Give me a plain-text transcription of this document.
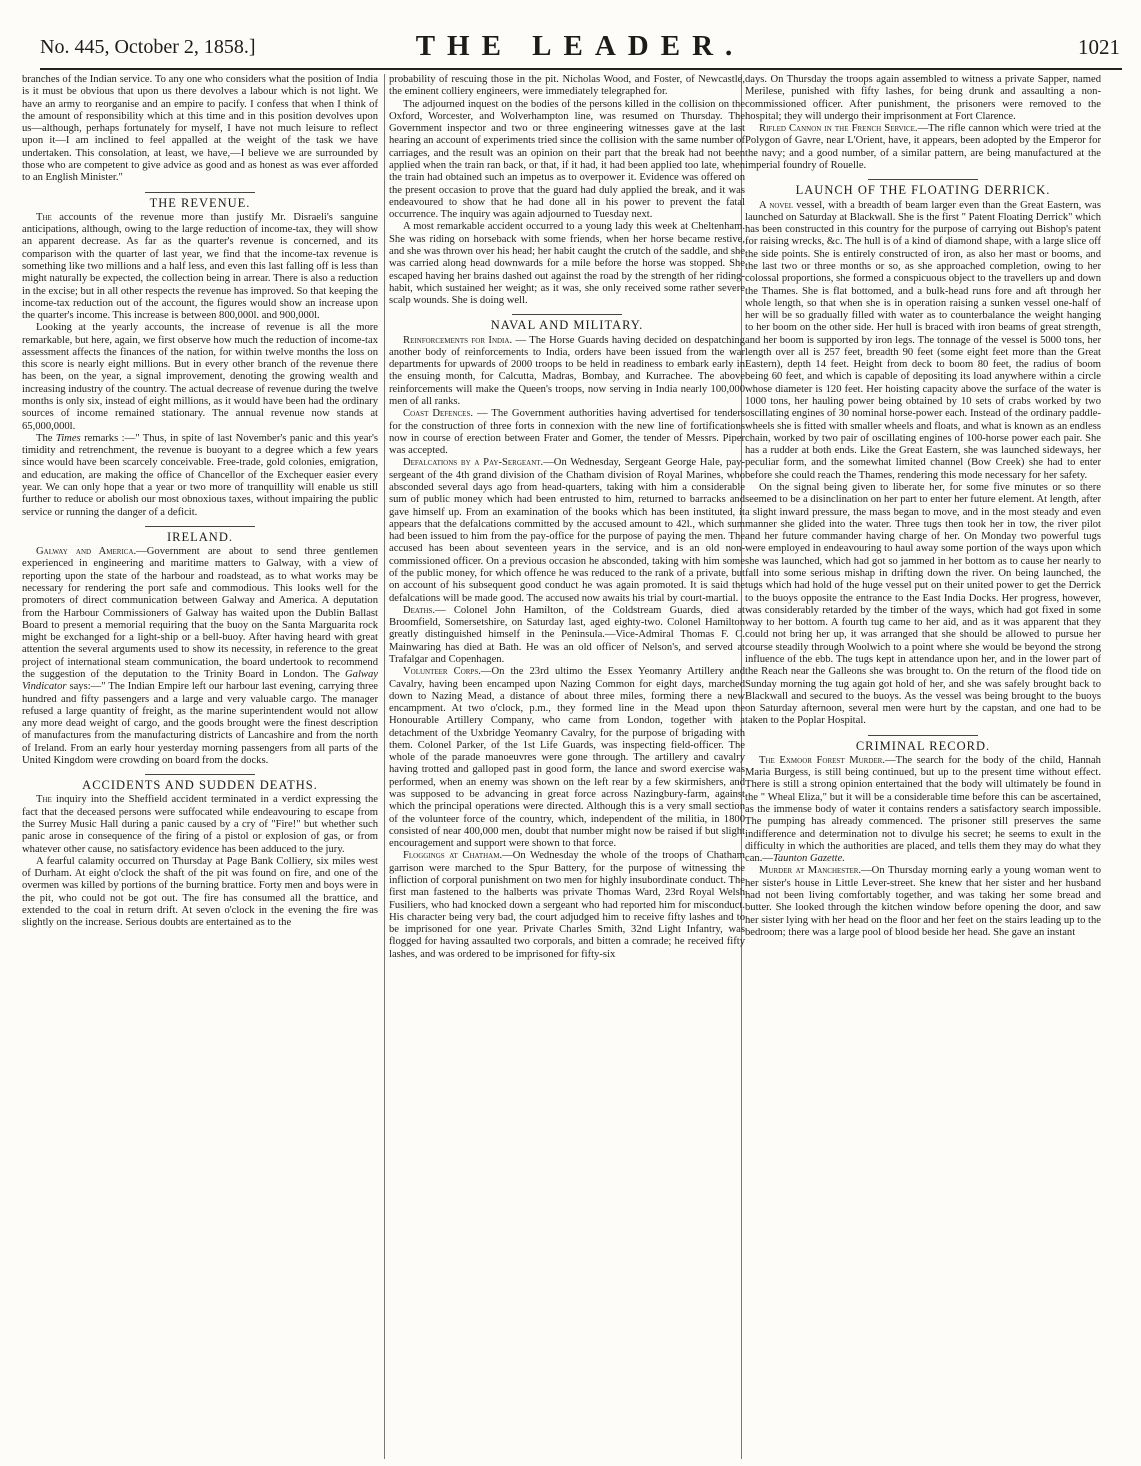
No. 445, October 2, 1858.]	THE LEADER.	1021

branches of the Indian service. To any one who considers what the position of India is it must be obvious that upon us there devolves a labour which is not light. We have an army to reorganise and an empire to pacify. I confess that when I think of the amount of responsibility which at this time and in this position devolves upon us—although, perhaps fortunately for myself, I have not much leisure to reflect upon it—I am inclined to feel appalled at the weight of the task we have undertaken. This consolation, at least, we have,—I believe we are surrounded by those who are competent to give advice as good and as honest as was ever afforded to an English Minister."

THE REVENUE.

The accounts of the revenue more than justify Mr. Disraeli's sanguine anticipations, although, owing to the large reduction of income-tax, they will show an apparent decrease. As far as the quarter's revenue is concerned, and its comparison with the quarter of last year, we find that the income-tax revenue is something like two millions and a half less, and even this last falling off is less than might naturally be expected, the collection being in arrear. There is also a reduction in the excise; but in all other respects the revenue has improved. So that keeping the income-tax reduction out of the account, the figures would show an increase upon the quarter's income. This increase is between 800,000l. and 900,000l.

Looking at the yearly accounts, the increase of revenue is all the more remarkable, but here, again, we first observe how much the reduction of income-tax assessment affects the finances of the nation, for within twelve months the loss on this score is nearly eight millions. But in every other branch of the revenue there has been, on the year, a signal improvement, denoting the growing wealth and increasing industry of the country. The actual decrease of revenue during the twelve months is only six, instead of eight millions, as it would have been had the ordinary sources of income remained stationary. The annual revenue now stands at 65,000,000l.

The Times remarks :—" Thus, in spite of last November's panic and this year's timidity and retrenchment, the revenue is buoyant to a degree which a few years since would have been scarcely conceivable. Free-trade, gold colonies, emigration, and education, are making the office of Chancellor of the Exchequer easier every year. We can only hope that a year or two more of tranquillity will enable us still further to reduce or abolish our most obnoxious taxes, without impairing the public service or running the danger of a deficit.

IRELAND.

Galway and America.—Government are about to send three gentlemen experienced in engineering and maritime matters to Galway, with a view of reporting upon the state of the harbour and roadstead, as to what works may be necessary for rendering the port safe and commodious. This looks well for the promoters of direct communication between Galway and America. A deputation from the Harbour Commissioners of Galway has waited upon the Dublin Ballast Board to present a memorial requiring that the buoy on the Santa Marguarita rock might be exchanged for a light-ship or a bell-buoy. After having heard with great attention the several arguments used to show its necessity, in reference to the great project of international steam communication, the board undertook to recommend the suggestion of the deputation to the Trinity Board in London. The Galway Vindicator says:—" The Indian Empire left our harbour last evening, carrying three hundred and fifty passengers and a large and very valuable cargo. The manager refused a large quantity of freight, as the marine superintendent would not allow any more dead weight of cargo, and the goods brought were the finest description of manufactures from the manufacturing districts of Lancashire and from the north of Ireland. From an early hour yesterday morning passengers from all parts of the United Kingdom were crowding on board from the docks.

ACCIDENTS AND SUDDEN DEATHS.

The inquiry into the Sheffield accident terminated in a verdict expressing the fact that the deceased persons were suffocated while endeavouring to escape from the Surrey Music Hall during a panic caused by a cry of "Fire!" but whether such panic arose in consequence of the firing of a pistol or explosion of gas, or from whatever other cause, no satisfactory evidence has been adduced to the jury.

A fearful calamity occurred on Thursday at Page Bank Colliery, six miles west of Durham. At eight o'clock the shaft of the pit was found on fire, and one of the overmen was killed by portions of the burning brattice. Forty men and boys were in the pit, who could not be got out. The fire has consumed all the brattice, and extended to the coal in return drift. At seven o'clock in the evening the fire was slightly on the increase. Serious doubts are entertained as to the

probability of rescuing those in the pit. Nicholas Wood, and Foster, of Newcastle, the eminent colliery engineers, were immediately telegraphed for.

The adjourned inquest on the bodies of the persons killed in the collision on the Oxford, Worcester, and Wolverhampton line, was resumed on Thursday. The Government inspector and two or three engineering witnesses gave at the last hearing an account of experiments tried since the collision with the same number of carriages, and the result was an opinion on their part that the break had not been applied when the train ran back, or that, if it had, it had been applied too late, when the train had obtained such an impetus as to overpower it. Evidence was offered on the present occasion to prove that the guard had duly applied the break, and it was endeavoured to show that he had done all in his power to prevent the fatal occurrence. The inquiry was again adjourned to Tuesday next.

A most remarkable accident occurred to a young lady this week at Cheltenham. She was riding on horseback with some friends, when her horse became restive, and she was thrown over his head; her habit caught the crutch of the saddle, and she was carried along head downwards for a mile before the horse was stopped. She escaped having her brains dashed out against the road by the strength of her riding-habit, which sustained her weight; as it was, she only received some rather severe scalp wounds. She is doing well.

NAVAL AND MILITARY.

Reinforcements for India. — The Horse Guards having decided on despatching another body of reinforcements to India, orders have been issued from the war departments for upwards of 2000 troops to be held in readiness to embark early in the ensuing month, for Calcutta, Madras, Bombay, and Kurrachee. The above reinforcements will make the Queen's troops, now serving in India nearly 100,000 men of all ranks.

Coast Defences. — The Government authorities having advertised for tenders for the construction of three forts in connexion with the new line of fortifications now in course of erection between Frater and Gomer, the tender of Messrs. Piper was accepted.

Defalcations by a Pay-Sergeant.—On Wednesday, Sergeant George Hale, pay-sergeant of the 4th grand division of the Chatham division of Royal Marines, who absconded several days ago from head-quarters, taking with him a considerable sum of public money which had been entrusted to him, returned to barracks and gave himself up. From an examination of the books which has been instituted, it appears that the defalcations committed by the accused amount to 42l., which sum had been issued to him from the pay-office for the purpose of paying the men. The accused has been about seventeen years in the service, and is an old non-commissioned officer. On a previous occasion he absconded, taking with him some of the public money, for which offence he was reduced to the rank of a private, but on account of his subsequent good conduct he was again promoted. It is said the defalcations will be made good. The accused now awaits his trial by court-martial.

Deaths.— Colonel John Hamilton, of the Coldstream Guards, died at Broomfield, Somersetshire, on Saturday last, aged eighty-two. Colonel Hamilton greatly distinguished himself in the Peninsula.—Vice-Admiral Thomas F. C. Mainwaring has died at Bath. He was an old officer of Nelson's, and served at Trafalgar and Copenhagen.

Volunteer Corps.—On the 23rd ultimo the Essex Yeomanry Artillery and Cavalry, having been encamped upon Nazing Common for eight days, marched down to Nazing Mead, a distance of about three miles, forming there a new encampment. At two o'clock, p.m., they formed line in the Mead upon the Honourable Artillery Company, who came from London, together with a detachment of the Uxbridge Yeomanry Cavalry, for the purpose of brigading with them. Colonel Parker, of the 1st Life Guards, was inspecting field-officer. The whole of the parade manoeuvres were gone through. The artillery and cavalry having trotted and galloped past in good form, the lance and sword exercise was performed, when an enemy was shown on the left rear by a few skirmishers, and was supposed to be advancing in great force across Nazingbury-farm, against which the principal operations were directed. Although this is a very small section of the volunteer force of the country, which, independent of the militia, in 1800 consisted of near 400,000 men, doubt that number might now be raised if but slight encouragement and support were shown to that force.

Floggings at Chatham.—On Wednesday the whole of the troops of Chatham garrison were marched to the Spur Battery, for the purpose of witnessing the infliction of corporal punishment on two men for highly insubordinate conduct. The first man fastened to the halberts was private Thomas Ward, 23rd Royal Welsh Fusiliers, who had knocked down a sergeant who had reported him for misconduct. His character being very bad, the court adjudged him to receive fifty lashes and to be imprisoned for one year. Private Charles Smith, 32nd Light Infantry, was flogged for having assaulted two corporals, and bitten a comrade; he received fifty lashes, and was ordered to be imprisoned for fifty-six

days. On Thursday the troops again assembled to witness a private Sapper, named Merilese, punished with fifty lashes, for being drunk and assaulting a non-commissioned officer. After punishment, the prisoners were removed to the hospital; they will undergo their imprisonment at Fort Clarence.

Rifled Cannon in the French Service.—The rifle cannon which were tried at the Polygon of Gavre, near L'Orient, have, it appears, been adopted by the Emperor for the navy; and a good number, of a similar pattern, are being manufactured at the imperial foundry of Rouelle.

LAUNCH OF THE FLOATING DERRICK.

A novel vessel, with a breadth of beam larger even than the Great Eastern, was launched on Saturday at Blackwall. She is the first " Patent Floating Derrick" which has been constructed in this country for the purpose of carrying out Bishop's patent for raising wrecks, &c. The hull is of a kind of diamond shape, with a large slice off the side points. She is entirely constructed of iron, as also her mast or booms, and the last two or three months or so, as she approached completion, owing to her colossal proportions, she formed a conspicuous object to the travellers up and down the Thames. She is flat bottomed, and a bulk-head runs fore and aft through her whole length, so that when she is in operation raising a sunken vessel one-half of her will be so gradually filled with water as to counterbalance the weight hanging to her boom on the other side. Her hull is braced with iron beams of great strength, and her boom is supported by iron legs. The tonnage of the vessel is 5000 tons, her length over all is 257 feet, breadth 90 feet (some eight feet more than the Great Eastern), depth 14 feet. Height from deck to boom 80 feet, the radius of boom being 60 feet, and which is capable of depositing its load anywhere within a circle whose diameter is 120 feet. Her hoisting capacity above the surface of the water is 1000 tons, her hauling power being obtained by 10 sets of crabs worked by two oscillating engines of 30 nominal horse-power each. Instead of the ordinary paddle-wheels she is fitted with smaller wheels and floats, and what is known as an endless chain, worked by two pair of oscillating engines of 100-horse power each pair. She has a rudder at both ends. Like the Great Eastern, she was launched sideways, her peculiar form, and the somewhat limited channel (Bow Creek) she had to enter before she could reach the Thames, rendering this mode necessary for her safety.

On the signal being given to liberate her, for some five minutes or so there seemed to be a disinclination on her part to enter her future element. At length, after a slight inward pressure, the mass began to move, and in the most steady and even manner she glided into the water. Three tugs then took her in tow, the river pilot and her future commander having charge of her. On Monday two powerful tugs were employed in endeavouring to haul away some portion of the ways upon which she was launched, which had got so jammed in her bottom as to cause her nearly to fall into some serious mishap in drifting down the river. On being launched, the tugs which had hold of the huge vessel put on their united power to get the Derrick to the buoys opposite the entrance to the East India Docks. Her progress, however, was considerably retarded by the timber of the ways, which had got fixed in some way to her bottom. A fourth tug came to her aid, and as it was apparent that they could not bring her up, it was arranged that she should be allowed to pursue her course steadily through Woolwich to a point where she would be beyond the strong influence of the ebb. The tugs kept in attendance upon her, and in the lower part of the Reach near the Galleons she was brought to. On the return of the flood tide on Sunday morning the tug again got hold of her, and she was safely brought back to Blackwall and secured to the buoys. As the vessel was being brought to the buoys on Saturday afternoon, several men were hurt by the capstan, and one had to be taken to the Poplar Hospital.

CRIMINAL RECORD.

The Exmoor Forest Murder.—The search for the body of the child, Hannah Maria Burgess, is still being continued, but up to the present time without effect. There is still a strong opinion entertained that the body will ultimately be found in the " Wheal Eliza," but it will be a considerable time before this can be ascertained, as the immense body of water it contains renders a satisfactory search impossible. The pumping has already commenced. The prisoner still preserves the same indifference and determination not to divulge his secret; he seems to exult in the difficulty in which the authorities are placed, and tells them they may do what they can.—Taunton Gazette.

Murder at Manchester.—On Thursday morning early a young woman went to her sister's house in Little Lever-street. She knew that her sister and her husband had not been living comfortably together, and was taking her some bread and butter. She looked through the kitchen window before opening the door, and saw her sister lying with her head on the floor and her feet on the stairs leading up to the bedroom; there was a large pool of blood beside her head. She gave an instant
